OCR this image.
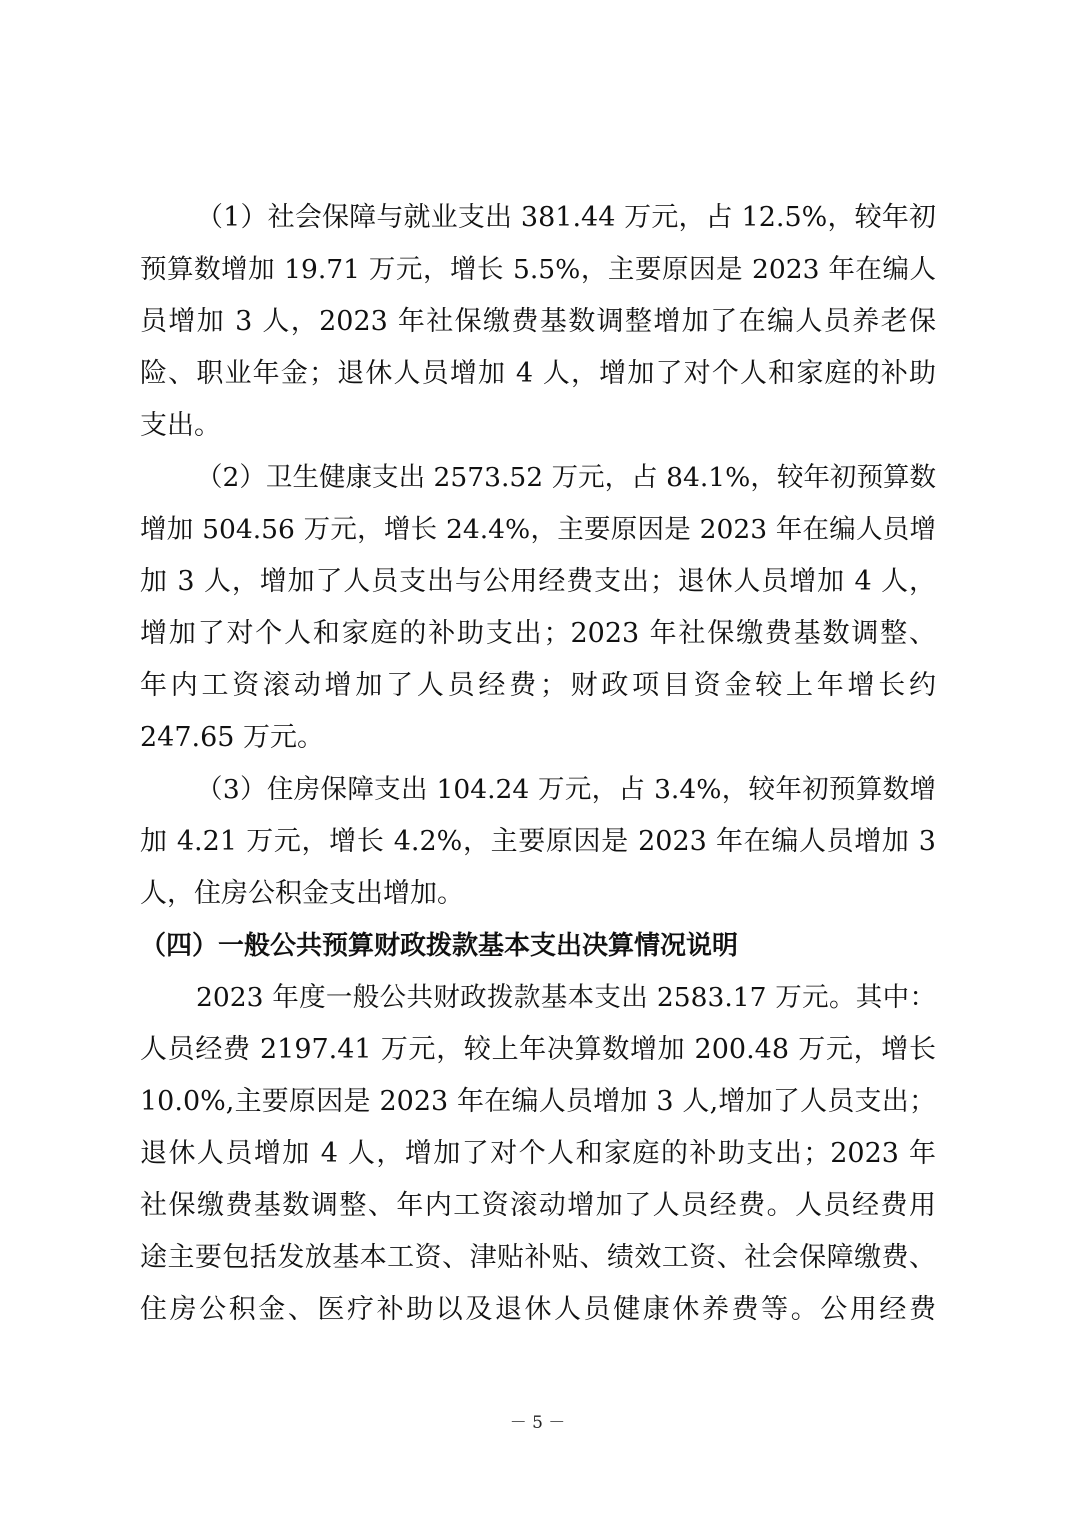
（1）社会保障与就业支出 381.44 万元，占 12.5%，较年初
预算数增加 19.71 万元，增长 5.5%，主要原因是 2023 年在编人
员增加 3 人，2023 年社保缴费基数调整增加了在编人员养老保
险、职业年金；退休人员增加 4 人，增加了对个人和家庭的补助
支出。
（2）卫生健康支出 2573.52 万元，占 84.1%，较年初预算数
增加 504.56 万元，增长 24.4%，主要原因是 2023 年在编人员增
加 3 人，增加了人员支出与公用经费支出；退休人员增加 4 人，
增加了对个人和家庭的补助支出；2023 年社保缴费基数调整、
年内工资滚动增加了人员经费；财政项目资金较上年增长约
247.65 万元。
（3）住房保障支出 104.24 万元，占 3.4%，较年初预算数增
加 4.21 万元，增长 4.2%，主要原因是 2023 年在编人员增加 3
人，住房公积金支出增加。
（四）一般公共预算财政拨款基本支出决算情况说明
2023 年度一般公共财政拨款基本支出 2583.17 万元。其中：
人员经费 2197.41 万元，较上年决算数增加 200.48 万元，增长
10.0%,主要原因是 2023 年在编人员增加 3 人,增加了人员支出；
退休人员增加 4 人，增加了对个人和家庭的补助支出；2023 年
社保缴费基数调整、年内工资滚动增加了人员经费。人员经费用
途主要包括发放基本工资、津贴补贴、绩效工资、社会保障缴费、
住房公积金、医疗补助以及退休人员健康休养费等。公用经费
－ 5 －
